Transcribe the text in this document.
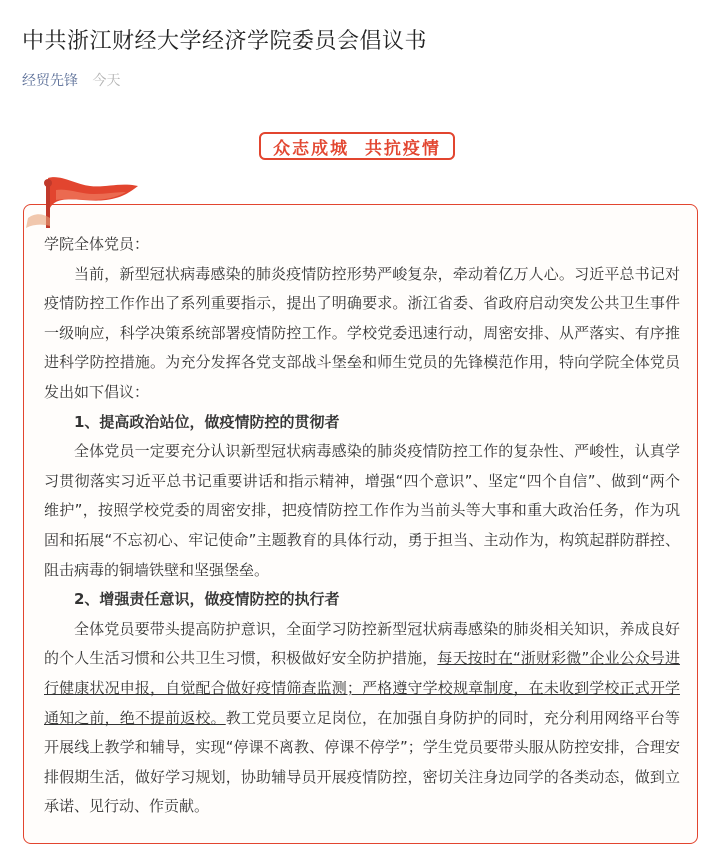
中共浙江财经大学经济学院委员会倡议书
经贸先锋 今天
众志成城  共抗疫情

学院全体党员：

当前，新型冠状病毒感染的肺炎疫情防控形势严峻复杂，牵动着亿万人心。习近平总书记对疫情防控工作作出了系列重要指示，提出了明确要求。浙江省委、省政府启动突发公共卫生事件一级响应，科学决策系统部署疫情防控工作。学校党委迅速行动，周密安排、从严落实、有序推进科学防控措施。为充分发挥各党支部战斗堡垒和师生党员的先锋模范作用，特向学院全体党员发出如下倡议：

1、提高政治站位，做疫情防控的贯彻者

全体党员一定要充分认识新型冠状病毒感染的肺炎疫情防控工作的复杂性、严峻性，认真学习贯彻落实习近平总书记重要讲话和指示精神，增强“四个意识”、坚定“四个自信”、做到“两个维护”，按照学校党委的周密安排，把疫情防控工作作为当前头等大事和重大政治任务，作为巩固和拓展“不忘初心、牢记使命”主题教育的具体行动，勇于担当、主动作为，构筑起群防群控、阻击病毒的铜墙铁壁和坚强堡垒。

2、增强责任意识，做疫情防控的执行者

全体党员要带头提高防护意识，全面学习防控新型冠状病毒感染的肺炎相关知识，养成良好的个人生活习惯和公共卫生习惯，积极做好安全防护措施，每天按时在“浙财彩微”企业公众号进行健康状况申报，自觉配合做好疫情筛查监测；严格遵守学校规章制度，在未收到学校正式开学通知之前，绝不提前返校。教工党员要立足岗位，在加强自身防护的同时，充分利用网络平台等开展线上教学和辅导，实现“停课不离教、停课不停学”；学生党员要带头服从防控安排，合理安排假期生活，做好学习规划，协助辅导员开展疫情防控，密切关注身边同学的各类动态，做到立承诺、见行动、作贡献。
